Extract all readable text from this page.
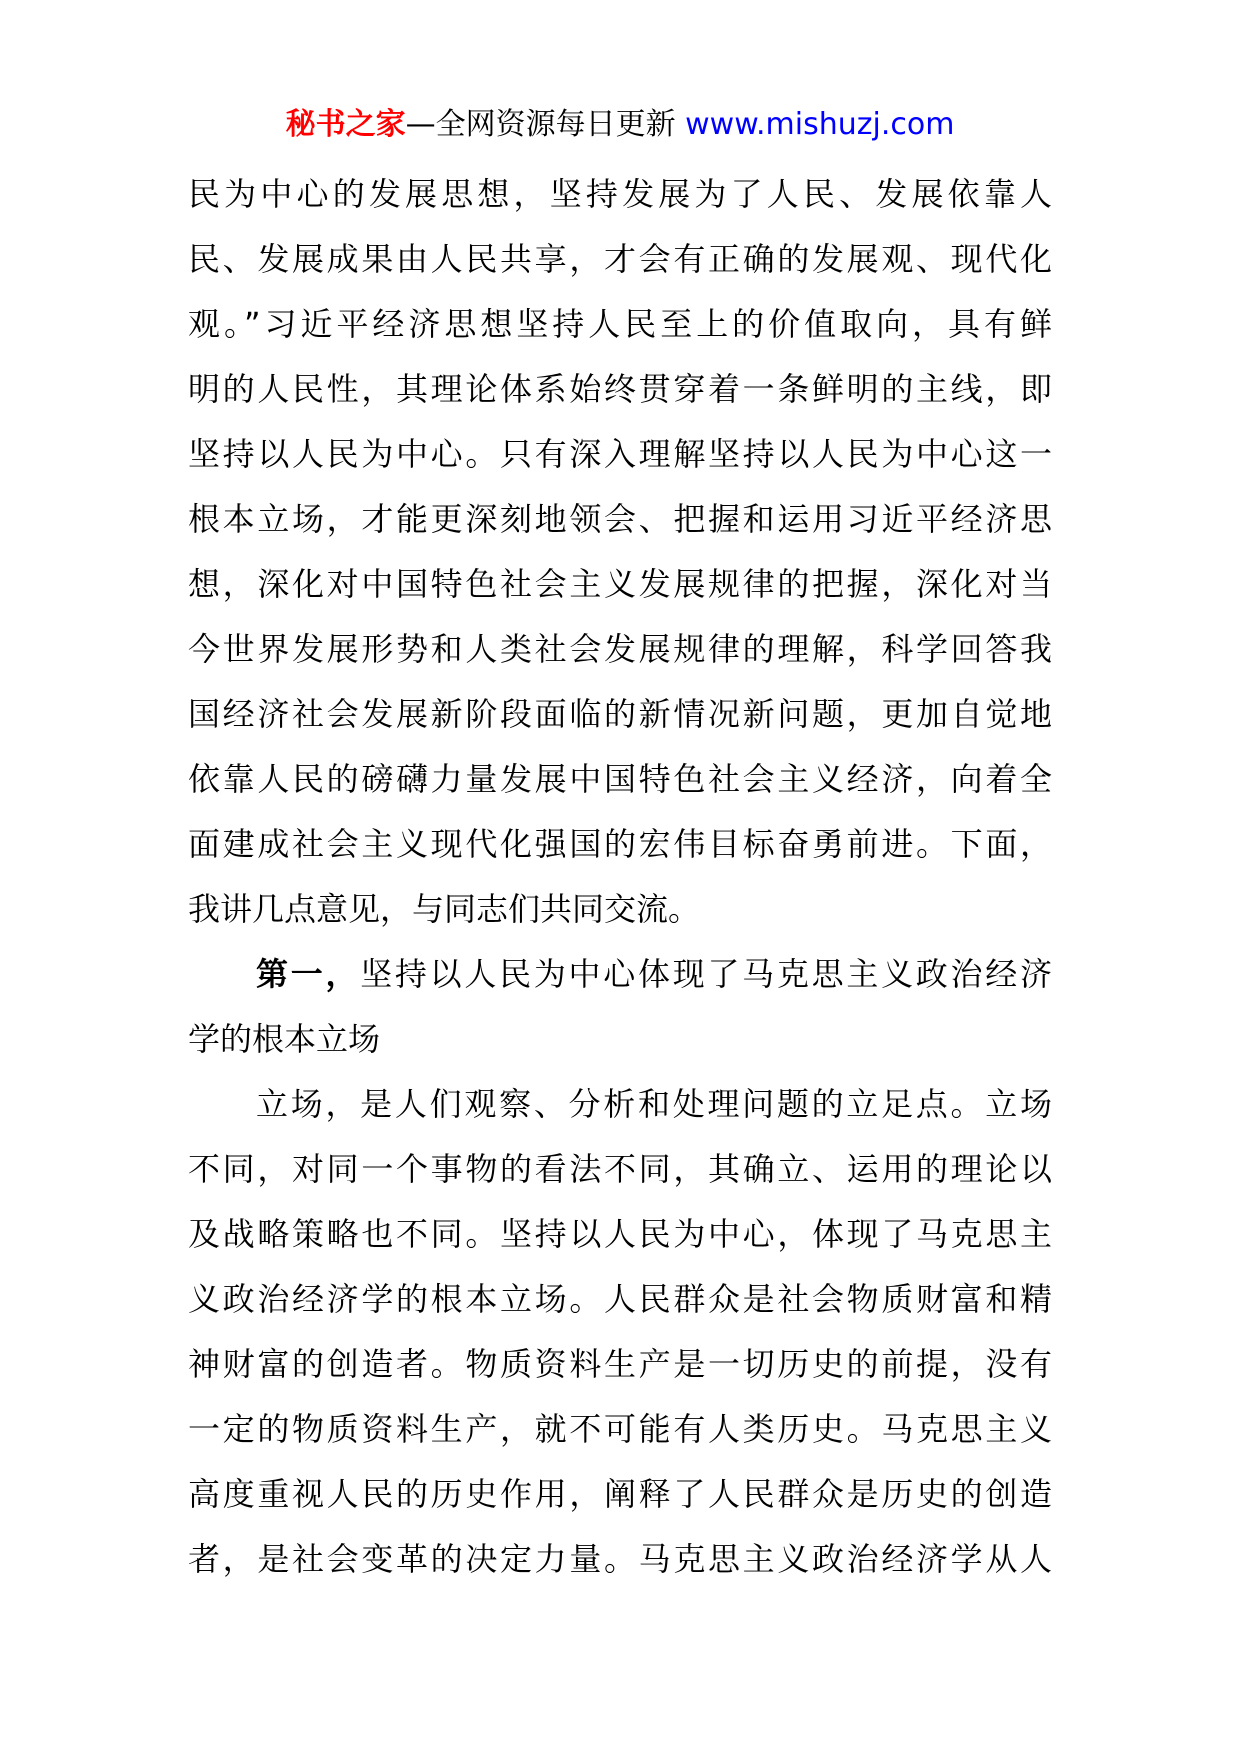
秘书之家—全网资源每日更新 www.mishuzj.com
民为中心的发展思想，坚持发展为了人民、发展依靠人
民、发展成果由人民共享，才会有正确的发展观、现代化
观。”习近平经济思想坚持人民至上的价值取向，具有鲜
明的人民性，其理论体系始终贯穿着一条鲜明的主线，即
坚持以人民为中心。只有深入理解坚持以人民为中心这一
根本立场，才能更深刻地领会、把握和运用习近平经济思
想，深化对中国特色社会主义发展规律的把握，深化对当
今世界发展形势和人类社会发展规律的理解，科学回答我
国经济社会发展新阶段面临的新情况新问题，更加自觉地
依靠人民的磅礴力量发展中国特色社会主义经济，向着全
面建成社会主义现代化强国的宏伟目标奋勇前进。下面，
我讲几点意见，与同志们共同交流。
第一，坚持以人民为中心体现了马克思主义政治经济
学的根本立场
立场，是人们观察、分析和处理问题的立足点。立场
不同，对同一个事物的看法不同，其确立、运用的理论以
及战略策略也不同。坚持以人民为中心，体现了马克思主
义政治经济学的根本立场。人民群众是社会物质财富和精
神财富的创造者。物质资料生产是一切历史的前提，没有
一定的物质资料生产，就不可能有人类历史。马克思主义
高度重视人民的历史作用，阐释了人民群众是历史的创造
者，是社会变革的决定力量。马克思主义政治经济学从人
